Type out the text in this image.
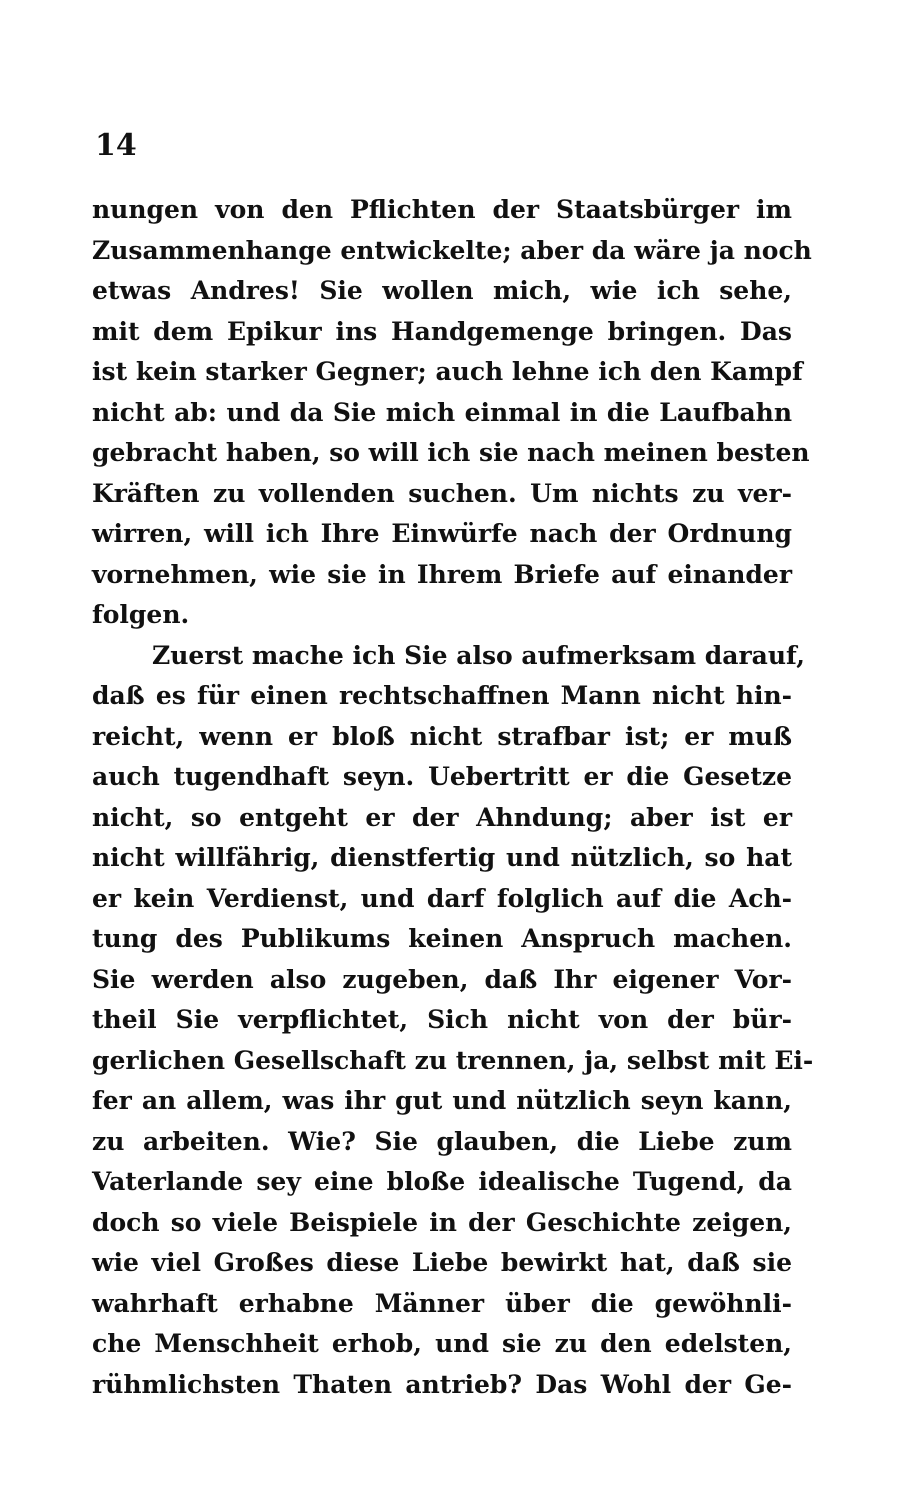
14
nungen von den Pflichten der Staatsbürger im
Zusammenhange entwickelte; aber da wäre ja noch
etwas Andres! Sie wollen mich, wie ich sehe,
mit dem Epikur ins Handgemenge bringen. Das
ist kein starker Gegner; auch lehne ich den Kampf
nicht ab: und da Sie mich einmal in die Laufbahn
gebracht haben, so will ich sie nach meinen besten
Kräften zu vollenden suchen. Um nichts zu ver-
wirren, will ich Ihre Einwürfe nach der Ordnung
vornehmen, wie sie in Ihrem Briefe auf einander
folgen.
Zuerst mache ich Sie also aufmerksam darauf,
daß es für einen rechtschaffnen Mann nicht hin-
reicht, wenn er bloß nicht strafbar ist; er muß
auch tugendhaft seyn. Uebertritt er die Gesetze
nicht, so entgeht er der Ahndung; aber ist er
nicht willfährig, dienstfertig und nützlich, so hat
er kein Verdienst, und darf folglich auf die Ach-
tung des Publikums keinen Anspruch machen.
Sie werden also zugeben, daß Ihr eigener Vor-
theil Sie verpflichtet, Sich nicht von der bür-
gerlichen Gesellschaft zu trennen, ja, selbst mit Ei-
fer an allem, was ihr gut und nützlich seyn kann,
zu arbeiten. Wie? Sie glauben, die Liebe zum
Vaterlande sey eine bloße idealische Tugend, da
doch so viele Beispiele in der Geschichte zeigen,
wie viel Großes diese Liebe bewirkt hat, daß sie
wahrhaft erhabne Männer über die gewöhnli-
che Menschheit erhob, und sie zu den edelsten,
rühmlichsten Thaten antrieb? Das Wohl der Ge-
